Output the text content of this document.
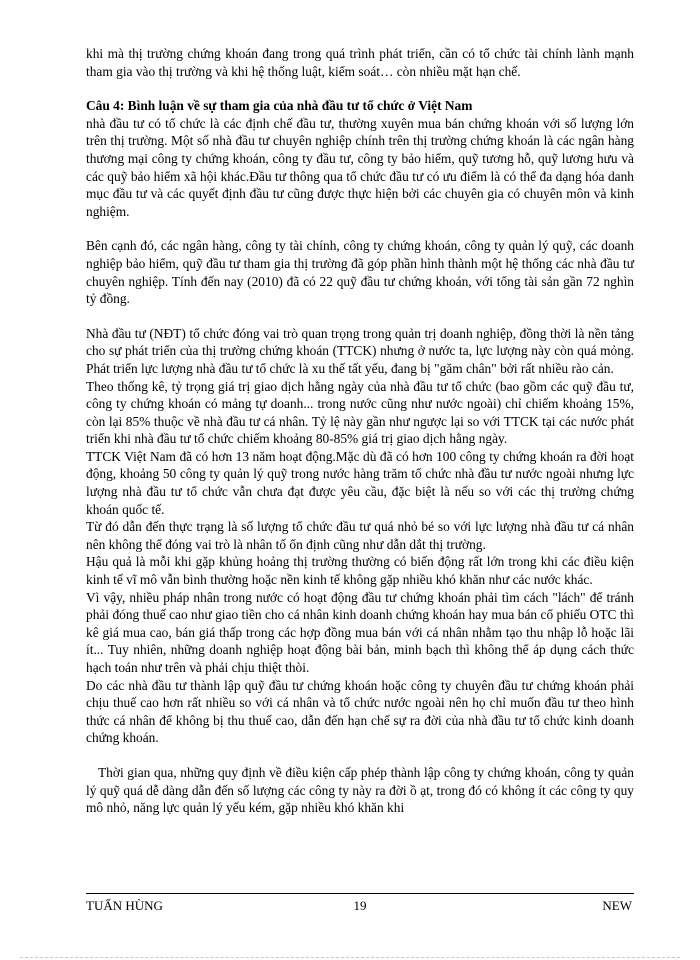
khi mà thị trường chứng khoán đang trong quá trình phát triển, cần có tổ chức tài chính lành mạnh tham gia vào thị trường và khi hệ thống luật, kiểm soát… còn nhiều mặt hạn chế.

Câu 4: Bình luận về sự tham gia của nhà đầu tư tổ chức ở Việt Nam

nhà đầu tư có tổ chức là các định chế đầu tư, thường xuyên mua bán chứng khoán với số lượng lớn trên thị trường. Một số nhà đầu tư chuyên nghiệp chính trên thị trường chứng khoán là các ngân hàng thương mại công ty chứng khoán, công ty đầu tư, công ty bảo hiểm, quỹ tương hỗ, quỹ lương hưu và các quỹ bảo hiểm xã hội khác.Đầu tư thông qua tổ chức đầu tư có ưu điểm là có thể đa dạng hóa danh mục đầu tư và các quyết định đầu tư cũng được thực hiện bởi các chuyên gia có chuyên môn và kinh nghiệm.

Bên cạnh đó, các ngân hàng, công ty tài chính, công ty chứng khoán, công ty quản lý quỹ, các doanh nghiệp bảo hiểm, quỹ đầu tư tham gia thị trường đã góp phần hình thành một hệ thống các nhà đầu tư chuyên nghiệp. Tính đến nay (2010) đã có 22 quỹ đầu tư chứng khoán, với tổng tài sản gần 72 nghìn tỷ đồng.

Nhà đầu tư (NĐT) tổ chức đóng vai trò quan trọng trong quản trị doanh nghiệp, đồng thời là nền tảng cho sự phát triển của thị trường chứng khoán (TTCK) nhưng ở nước ta, lực lượng này còn quá mỏng. Phát triển lực lượng nhà đầu tư tổ chức là xu thế tất yếu, đang bị "găm chân" bởi rất nhiều rào cản.

Theo thống kê, tỷ trọng giá trị giao dịch hằng ngày của nhà đầu tư tổ chức (bao gồm các quỹ đầu tư, công ty chứng khoán có mảng tự doanh... trong nước cũng như nước ngoài) chỉ chiếm khoảng 15%, còn lại 85% thuộc về nhà đầu tư cá nhân. Tỷ lệ này gần như ngược lại so với TTCK tại các nước phát triển khi nhà đầu tư tổ chức chiếm khoảng 80-85% giá trị giao dịch hằng ngày.

TTCK Việt Nam đã có hơn 13 năm hoạt động.Mặc dù đã có hơn 100 công ty chứng khoán ra đời hoạt động, khoảng 50 công ty quản lý quỹ trong nước hàng trăm tổ chức nhà đầu tư nước ngoài nhưng lực lượng nhà đầu tư tổ chức vẫn chưa đạt được yêu cầu, đặc biệt là nếu so với các thị trường chứng khoán quốc tế.

Từ đó dẫn đến thực trạng là số lượng tổ chức đầu tư quá nhỏ bé so với lực lượng nhà đầu tư cá nhân nên không thể đóng vai trò là nhân tố ổn định cũng như dẫn dắt thị trường.

Hậu quả là mỗi khi gặp khủng hoảng thị trường thường có biến động rất lớn trong khi các điều kiện kinh tế vĩ mô vẫn bình thường hoặc nền kinh tế không gặp nhiều khó khăn như các nước khác.

Vì vậy, nhiều pháp nhân trong nước có hoạt động đầu tư chứng khoán phải tìm cách "lách" để tránh phải đóng thuế cao như giao tiền cho cá nhân kinh doanh chứng khoán hay mua bán cổ phiếu OTC thì kê giá mua cao, bán giá thấp trong các hợp đồng mua bán với cá nhân nhằm tạo thu nhập lỗ hoặc lãi ít... Tuy nhiên, những doanh nghiệp hoạt động bài bản, minh bạch thì không thể áp dụng cách thức hạch toán như trên và phải chịu thiệt thòi.

Do các nhà đầu tư thành lập quỹ đầu tư chứng khoán hoặc công ty chuyên đầu tư chứng khoán phải chịu thuế cao hơn rất nhiều so với cá nhân và tổ chức nước ngoài nên họ chỉ muốn đầu tư theo hình thức cá nhân để không bị thu thuế cao, dẫn đến hạn chế sự ra đời của nhà đầu tư tổ chức kinh doanh chứng khoán.

Thời gian qua, những quy định về điều kiện cấp phép thành lập công ty chứng khoán, công ty quản lý quỹ quá dễ dàng dẫn đến số lượng các công ty này ra đời ồ ạt, trong đó có không ít các công ty quy mô nhỏ, năng lực quản lý yếu kém, gặp nhiều khó khăn khi

TUẤN HÙNG	19	NEW
